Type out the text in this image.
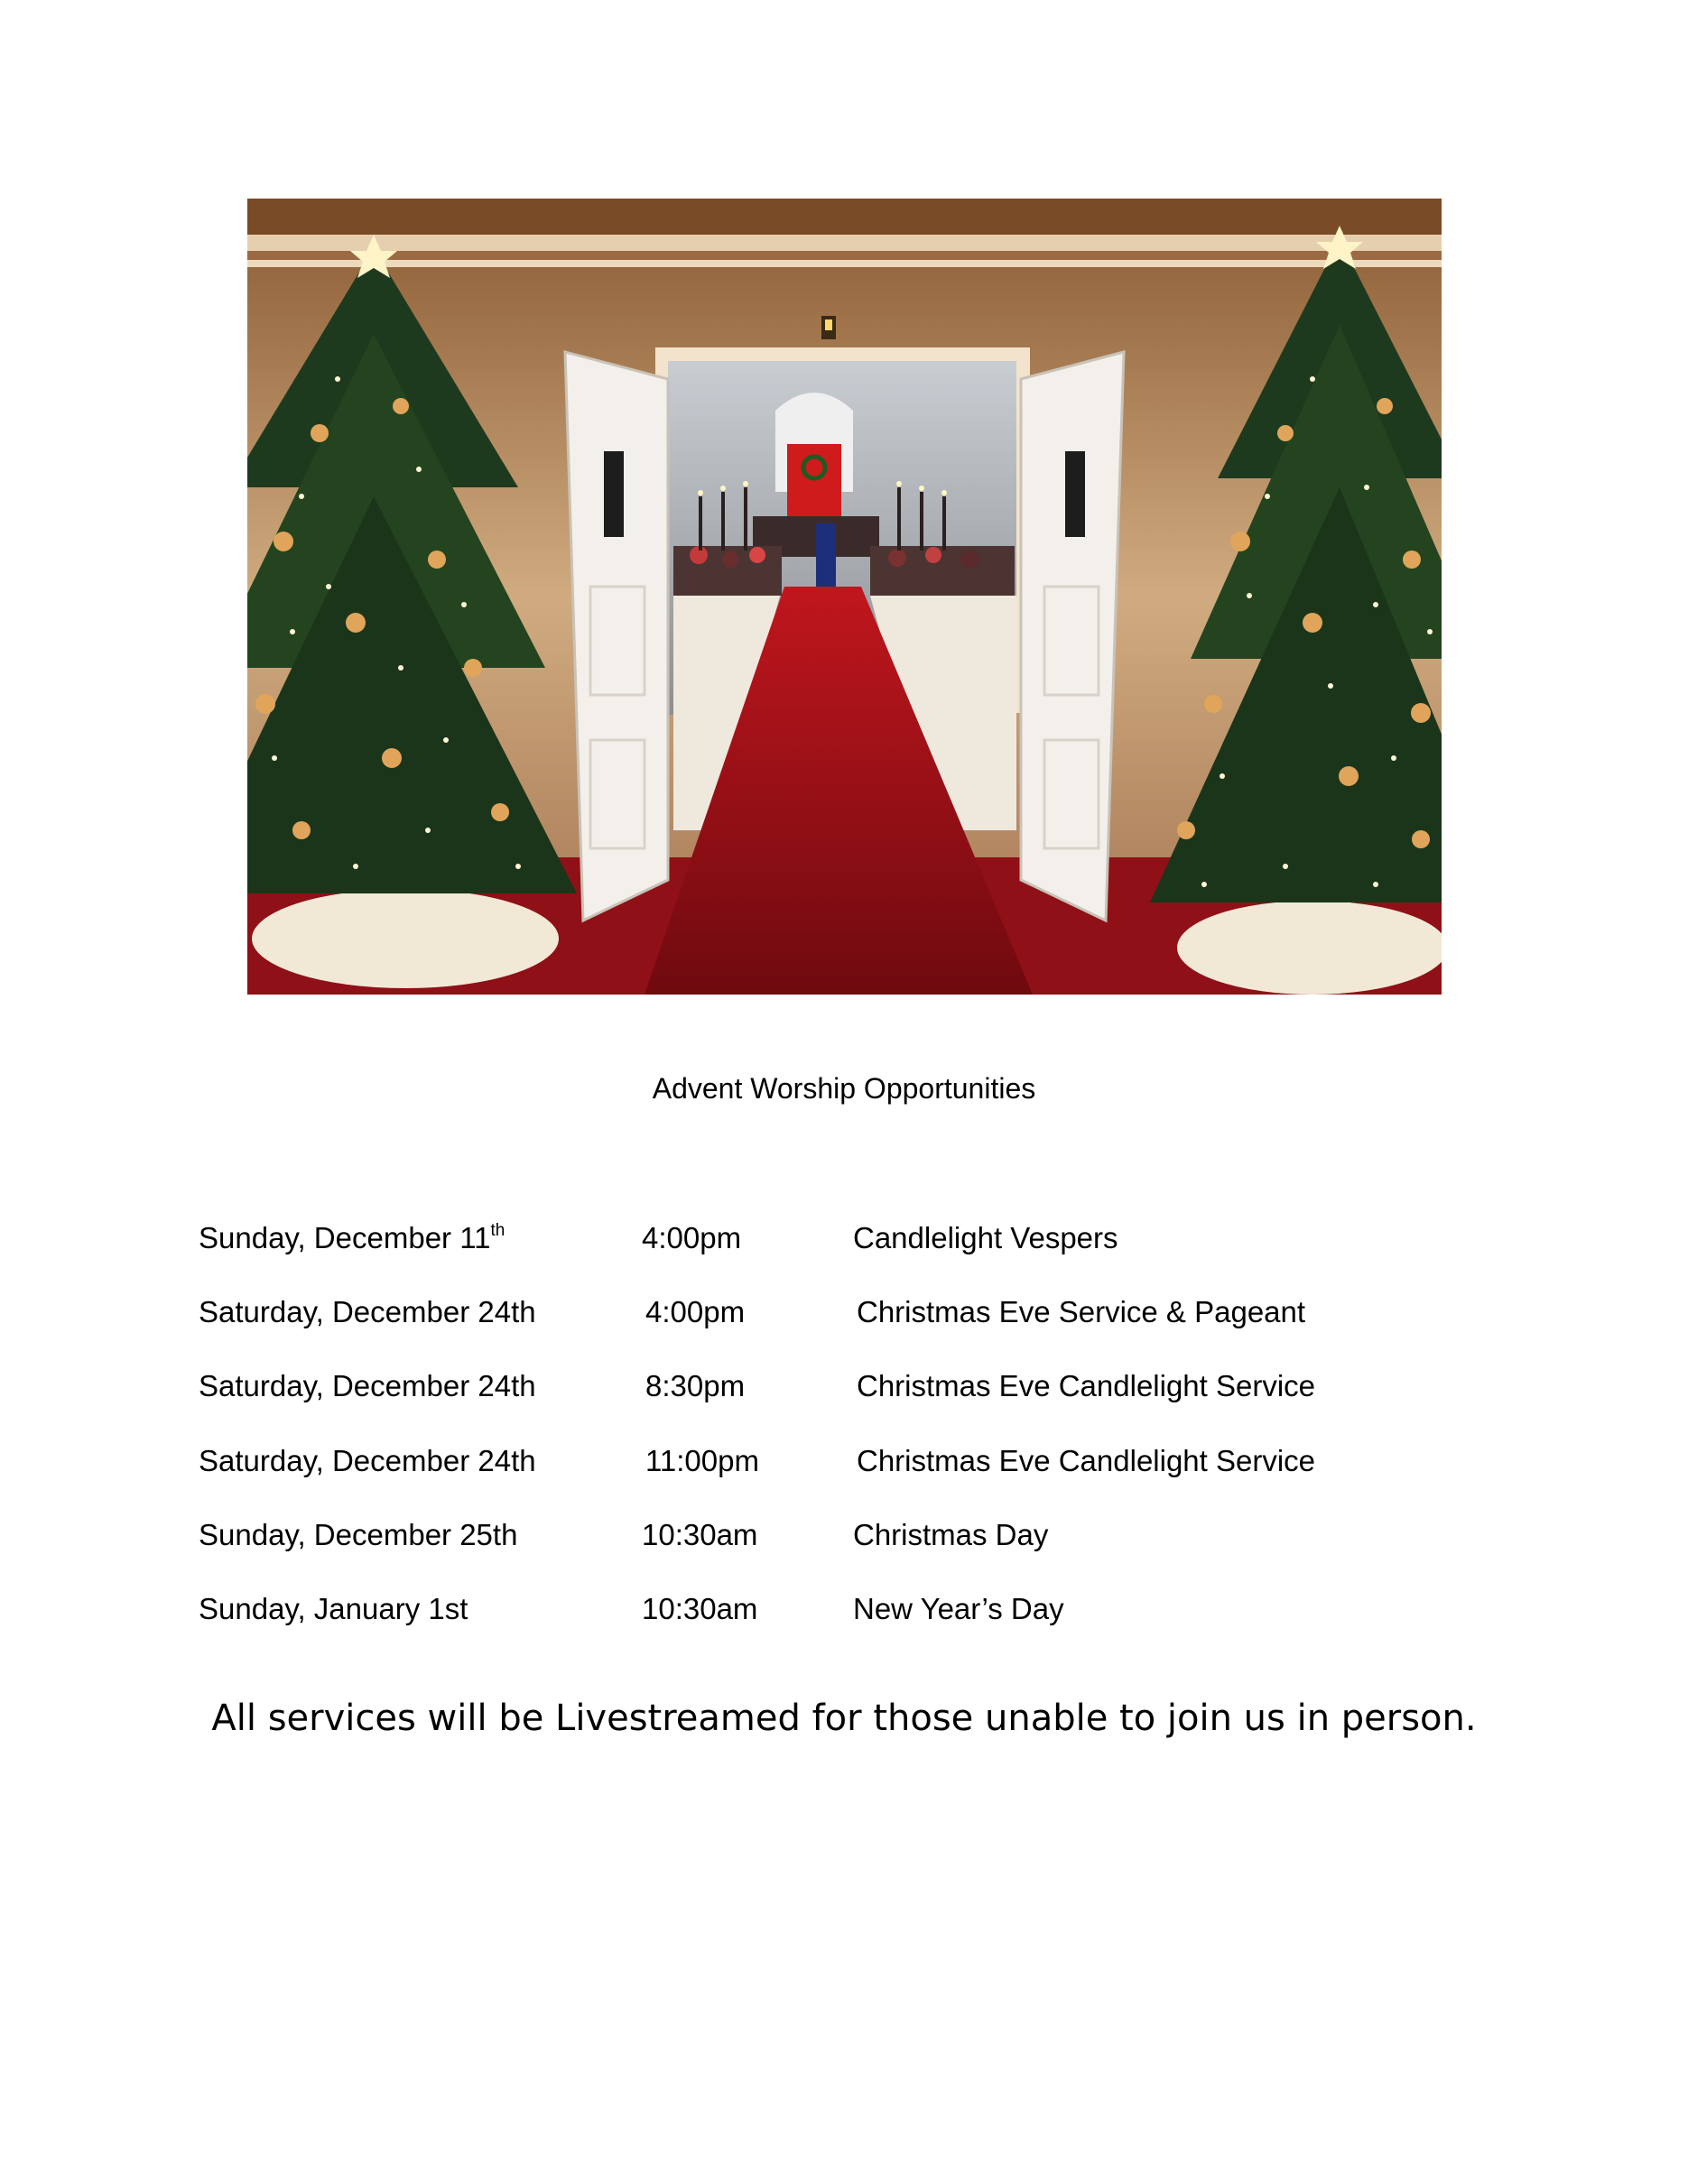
Advent Worship Opportunities
Sunday, December 11th	4:00pm	Candlelight Vespers
Saturday, December 24th	4:00pm	Christmas Eve Service & Pageant
Saturday, December 24th	8:30pm	Christmas Eve Candlelight Service
Saturday, December 24th	11:00pm	Christmas Eve Candlelight Service
Sunday, December 25th	10:30am	Christmas Day
Sunday, January 1st	10:30am	New Year’s Day
All services will be Livestreamed for those unable to join us in person.
